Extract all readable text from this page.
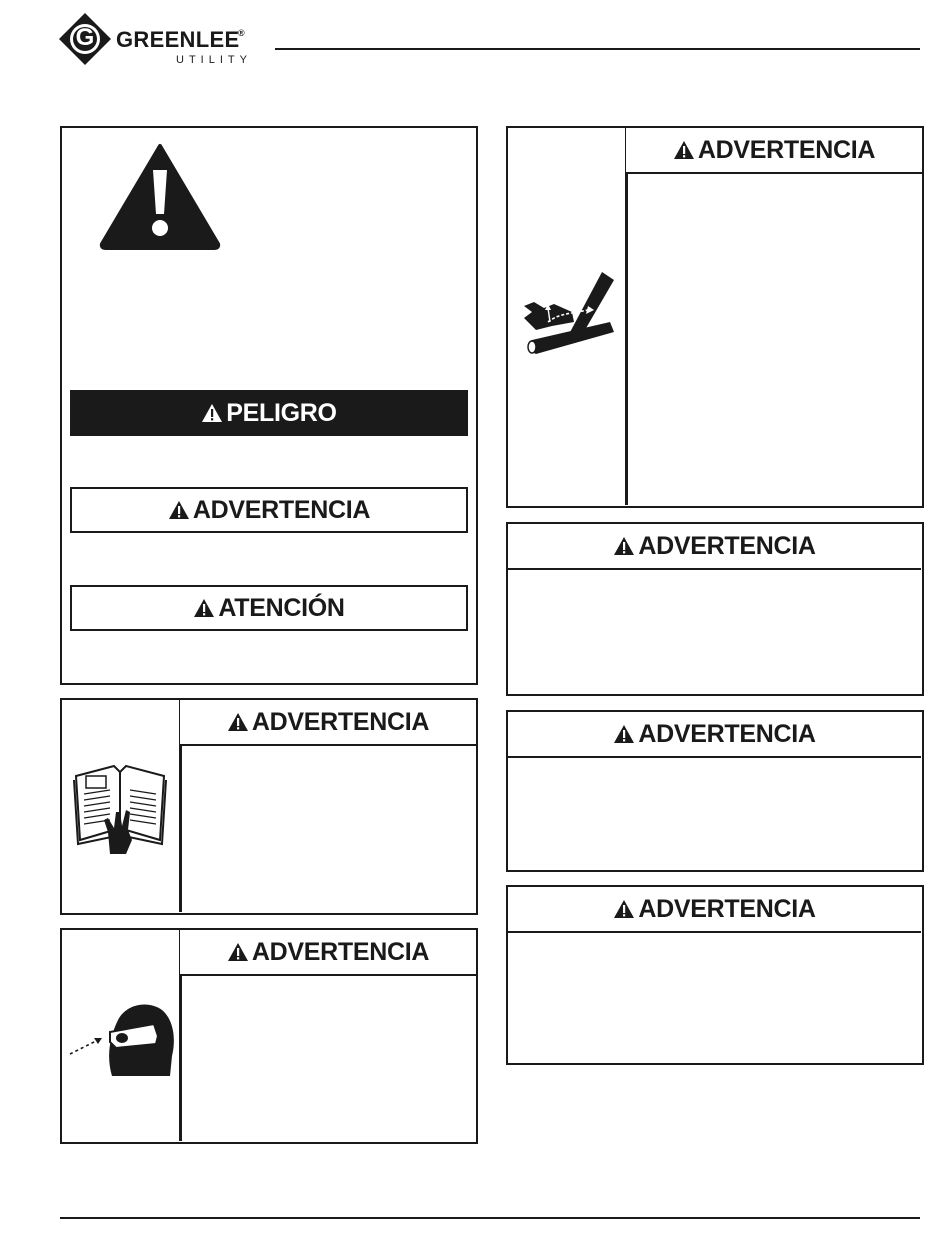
G GREENLEE
®
UTILITY
PELIGRO
ADVERTENCIA
ATENCIÓN
ADVERTENCIA
ADVERTENCIA
ADVERTENCIA
ADVERTENCIA
ADVERTENCIA
ADVERTENCIA
